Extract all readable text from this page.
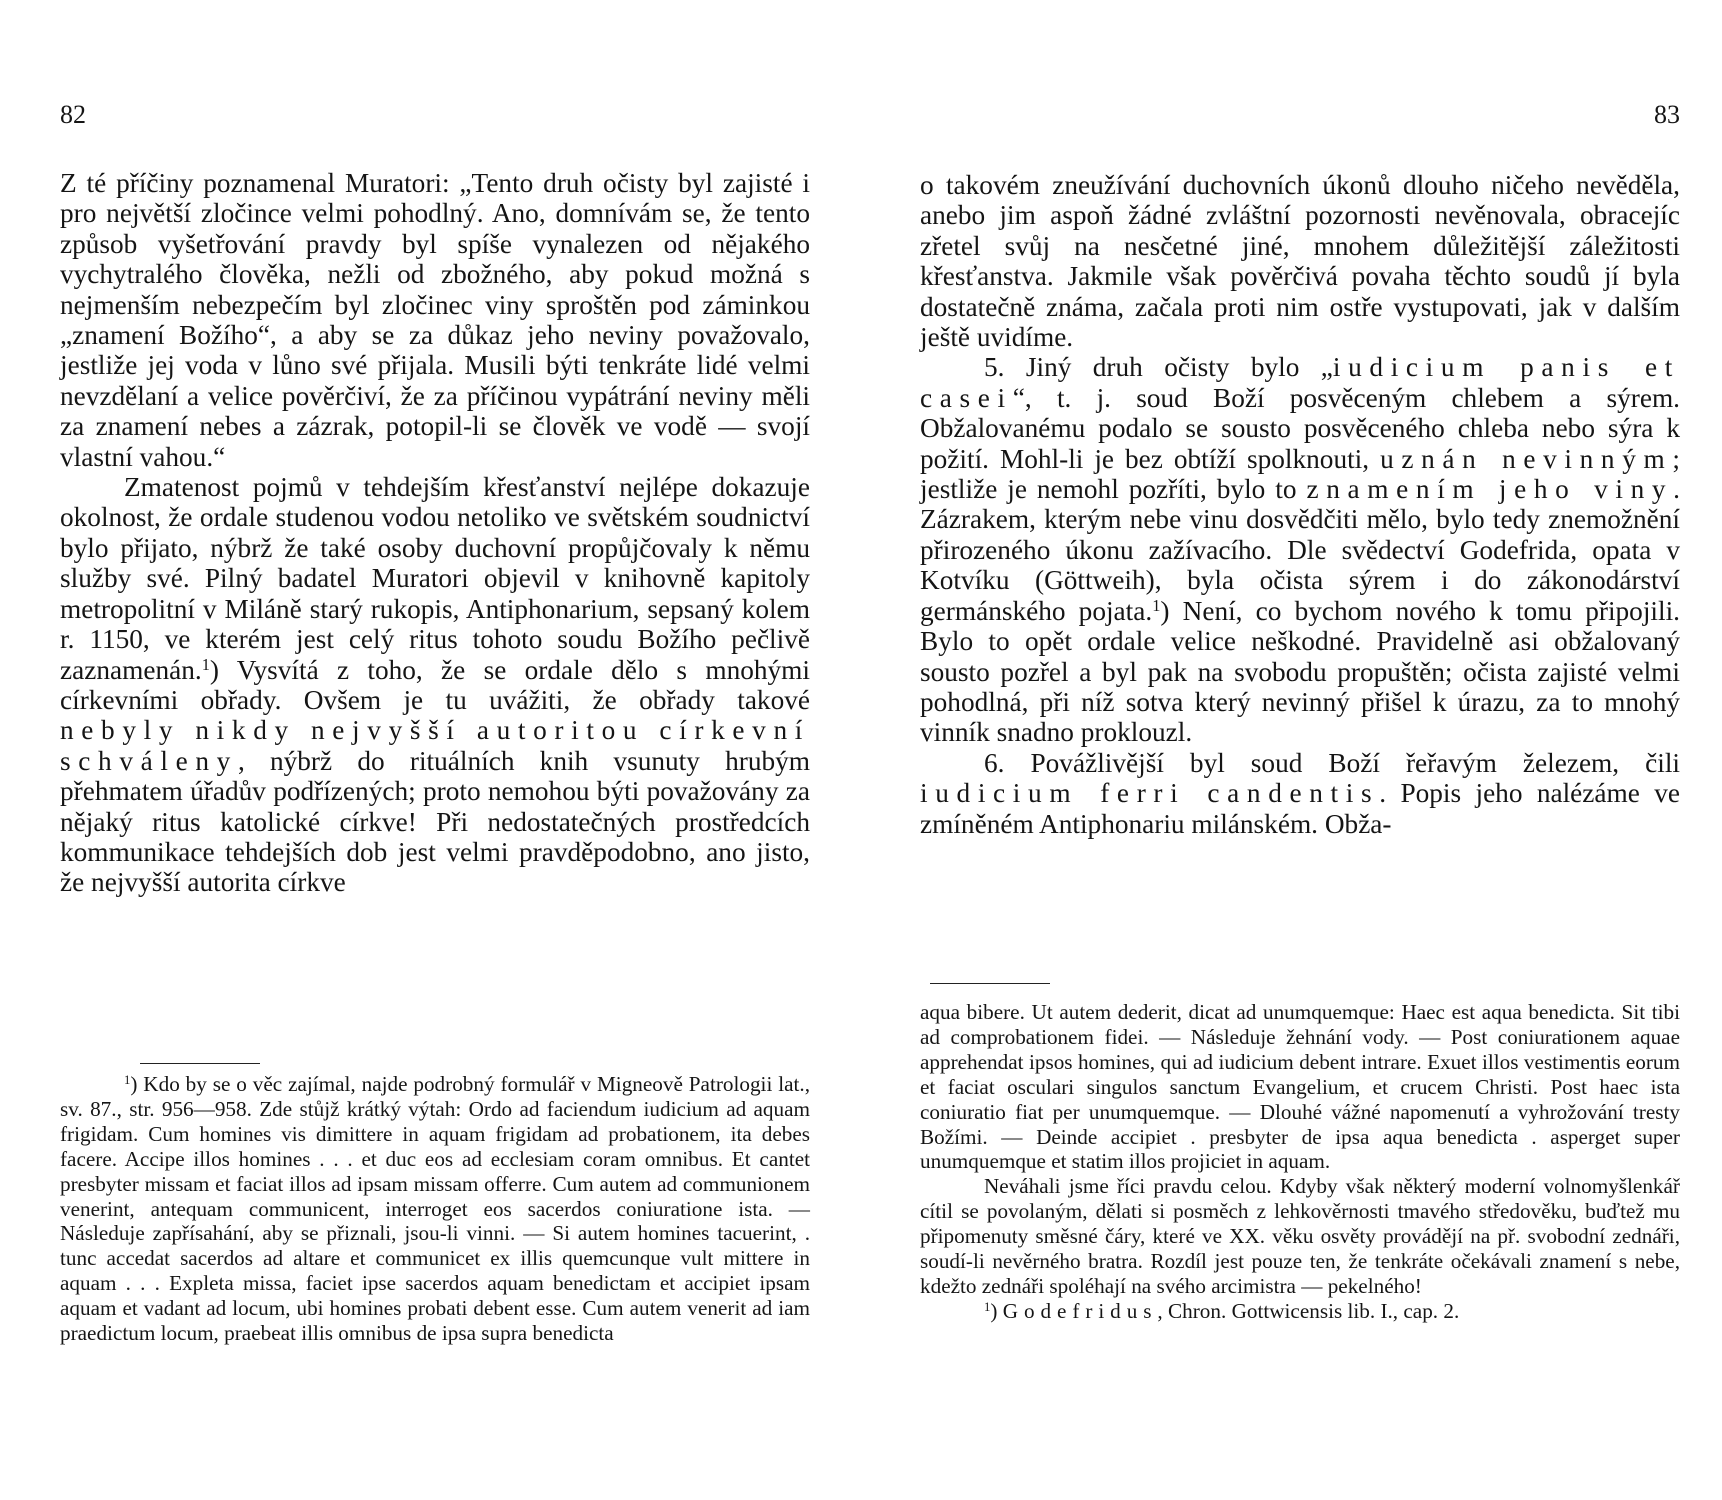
82

Z té příčiny poznamenal Muratori: „Tento druh očisty byl zajisté i pro největší zločince velmi pohodlný. Ano, domnívám se, že tento způsob vyšetřování pravdy byl spíše vynalezen od nějakého vychytralého člověka, nežli od zbožného, aby pokud možná s nejmenším nebezpečím byl zločinec viny sproštěn pod záminkou „znamení Božího“, a aby se za důkaz jeho neviny považovalo, jestliže jej voda v lůno své přijala. Musili býti tenkráte lidé velmi nevzdělaní a velice pověrčiví, že za příčinou vypátrání neviny měli za znamení nebes a zázrak, potopil-li se člověk ve vodě — svojí vlastní vahou.“

Zmatenost pojmů v tehdejším křesťanství nejlépe dokazuje okolnost, že ordale studenou vodou netoliko ve světském soudnictví bylo přijato, nýbrž že také osoby duchovní propůjčovaly k němu služby své. Pilný badatel Muratori objevil v knihovně kapitoly metropolitní v Miláně starý rukopis, Antiphonarium, sepsaný kolem r. 1150, ve kterém jest celý ritus tohoto soudu Božího pečlivě zaznamenán.$^1$) Vysvítá z toho, že se ordale dělo s mnohými církevními obřady. Ovšem je tu uvážiti, že obřady takové nebyly nikdy nejvyšší autoritou církevní schváleny, nýbrž do rituálních knih vsunuty hrubým přehmatem úřadův podřízených; proto nemohou býti považovány za nějaký ritus katolické církve! Při nedostatečných prostředcích kommunikace tehdejších dob jest velmi pravděpodobno, ano jisto, že nejvyšší autorita církve

$^1$) Kdo by se o věc zajímal, najde podrobný formulář v Migneově Patrologii lat., sv. 87., str. 956—958. Zde stůjž krátký výtah: Ordo ad faciendum iudicium ad aquam frigidam. Cum homines vis dimittere in aquam frigidam ad probationem, ita debes facere. Accipe illos homines . . . et duc eos ad ecclesiam coram omnibus. Et cantet presbyter missam et faciat illos ad ipsam missam offerre. Cum autem ad communionem venerint, antequam communicent, interroget eos sacerdos coniuratione ista. — Následuje zapřísahání, aby se přiznali, jsou-li vinni. — Si autem homines tacuerint, . tunc accedat sacerdos ad altare et communicet ex illis quemcunque vult mittere in aquam . . . Expleta missa, faciet ipse sacerdos aquam benedictam et accipiet ipsam aquam et vadant ad locum, ubi homines probati debent esse. Cum autem venerit ad iam praedictum locum, praebeat illis omnibus de ipsa supra benedicta

83

o takovém zneužívání duchovních úkonů dlouho ničeho nevěděla, anebo jim aspoň žádné zvláštní pozornosti nevěnovala, obracejíc zřetel svůj na nesčetné jiné, mnohem důležitější záležitosti křesťanstva. Jakmile však pověrčivá povaha těchto soudů jí byla dostatečně známa, začala proti nim ostře vystupovati, jak v dalším ještě uvidíme.

5. Jiný druh očisty bylo „iudicium panis et casei“, t. j. soud Boží posvěceným chlebem a sýrem. Obžalovanému podalo se sousto posvěceného chleba nebo sýra k požití. Mohl-li je bez obtíží spolknouti, uznán nevinným; jestliže je nemohl pozříti, bylo to znamením jeho viny. Zázrakem, kterým nebe vinu dosvědčiti mělo, bylo tedy znemožnění přirozeného úkonu zažívacího. Dle svědectví Godefrida, opata v Kotvíku (Göttweih), byla očista sýrem i do zákonodárství germánského pojata.$^1$) Není, co bychom nového k tomu připojili. Bylo to opět ordale velice neškodné. Pravidelně asi obžalovaný sousto pozřel a byl pak na svobodu propuštěn; očista zajisté velmi pohodlná, při níž sotva který nevinný přišel k úrazu, za to mnohý vinník snadno proklouzl.

6. Povážlivější byl soud Boží řeřavým železem, čili iudicium ferri candentis. Popis jeho nalézáme ve zmíněném Antiphonariu milánském. Obža-

aqua bibere. Ut autem dederit, dicat ad unumquemque: Haec est aqua benedicta. Sit tibi ad comprobationem fidei. — Následuje žehnání vody. — Post coniurationem aquae apprehendat ipsos homines, qui ad iudicium debent intrare. Exuet illos vestimentis eorum et faciat osculari singulos sanctum Evangelium, et crucem Christi. Post haec ista coniuratio fiat per unumquemque. — Dlouhé vážné napomenutí a vyhrožování tresty Božími. — Deinde accipiet . presbyter de ipsa aqua benedicta . asperget super unumquemque et statim illos projiciet in aquam.

Neváhali jsme říci pravdu celou. Kdyby však některý moderní volnomyšlenkář cítil se povolaným, dělati si posměch z lehkověrnosti tmavého středověku, buďtež mu připomenuty směsné čáry, které ve XX. věku osvěty provádějí na př. svobodní zednáři, soudí-li nevěrného bratra. Rozdíl jest pouze ten, že tenkráte očekávali znamení s nebe, kdežto zednáři spoléhají na svého arcimistra — pekelného!

$^1$) Godefridus, Chron. Gottwicensis lib. I., cap. 2.
